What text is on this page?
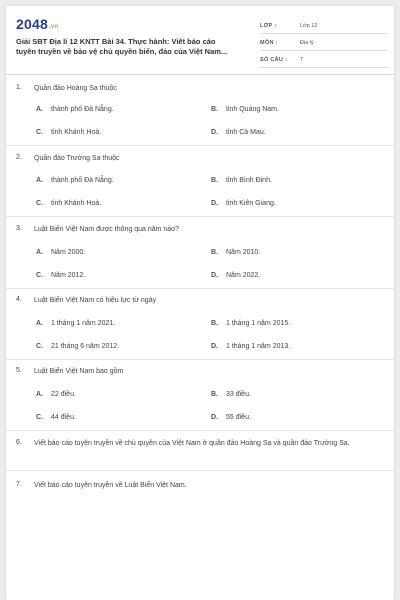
2048.vn
Giải SBT Địa lí 12 KNTT Bài 34. Thực hành: Viết báo cáo
tuyên truyền về bảo vệ chủ quyền biển, đảo của Việt Nam...
LỚP :	Lớp 12
MÔN :	Địa lý
SỐ CÂU : 7
1. Quần đảo Hoàng Sa thuộc
A. thành phố Đà Nẵng.	B. tỉnh Quảng Nam.
C. tỉnh Khánh Hoà.	D. tỉnh Cà Mau.
2. Quần đảo Trường Sa thuộc
A. thành phố Đà Nẵng.	B. tỉnh Bình Định.
C. tỉnh Khánh Hoà.	D. tỉnh Kiên Giang.
3. Luật Biển Việt Nam được thông qua năm nào?
A. Năm 2000.	B. Năm 2010.
C. Năm 2012.	D. Năm 2022.
4. Luật Biển Việt Nam có hiệu lực từ ngày
A. 1 tháng 1 năm 2021.	B. 1 tháng 1 năm 2015.
C. 21 tháng 6 năm 2012.	D. 1 tháng 1 năm 2013.
5. Luật Biển Việt Nam bao gồm
A. 22 điều.	B. 33 điều.
C. 44 điều.	D. 55 điều.
6. Viết báo cáo tuyên truyền về chủ quyền của Việt Nam ở quần đảo Hoàng Sa và quần đảo Trường Sa.
7. Viết báo cáo tuyên truyền về Luật Biển Việt Nam.
